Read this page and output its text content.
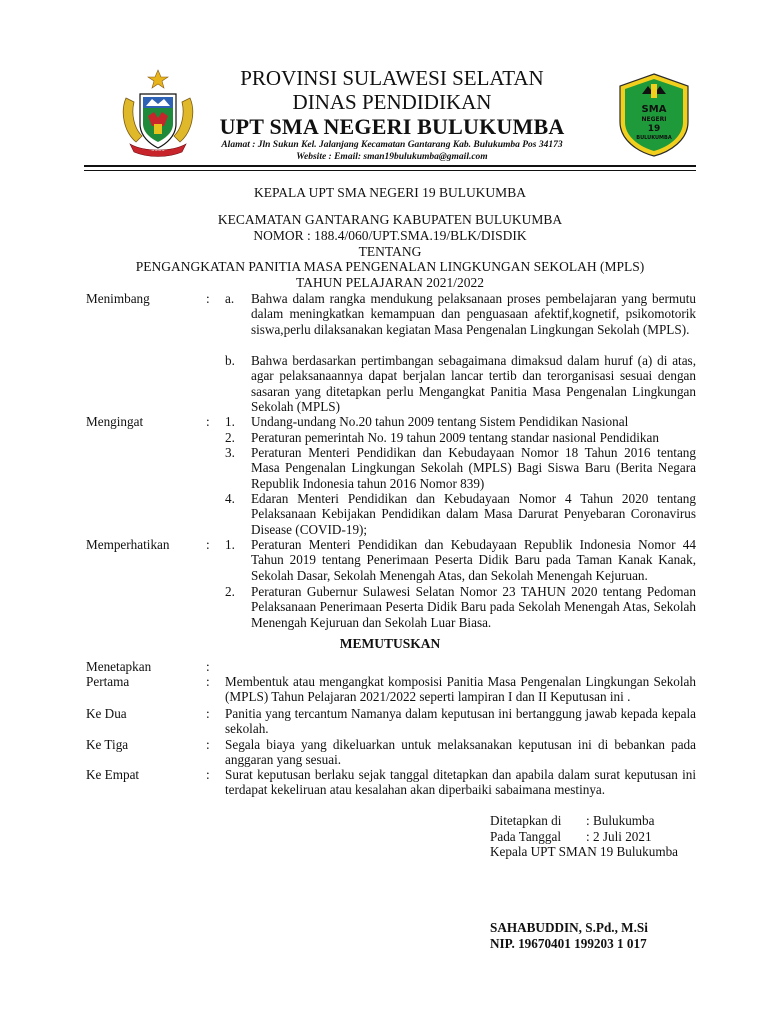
~~~~
PROVINSI SULAWESI SELATAN
DINAS PENDIDIKAN
UPT SMA NEGERI BULUKUMBA
Alamat : Jln Sukun Kel. Jalanjang Kecamatan Gantarang Kab. Bulukumba Pos 34173
Website : Email: sman19bulukumba@gmail.com
SMA
NEGERI
19
BULUKUMBA
KEPALA UPT SMA NEGERI 19 BULUKUMBA
KECAMATAN GANTARANG KABUPATEN BULUKUMBA
NOMOR : 188.4/060/UPT.SMA.19/BLK/DISDIK
TENTANG
PENGANGKATAN PANITIA MASA PENGENALAN LINGKUNGAN SEKOLAH (MPLS)
TAHUN PELAJARAN 2021/2022
Menimbang	: a. Bahwa dalam rangka mendukung pelaksanaan proses pembelajaran yang bermutu dalam meningkatkan kemampuan dan penguasaan afektif,kognetif, psikomotorik siswa,perlu dilaksanakan kegiatan Masa Pengenalan Lingkungan Sekolah (MPLS).
b. Bahwa berdasarkan pertimbangan sebagaimana dimaksud dalam huruf (a) di atas, agar pelaksanaannya dapat berjalan lancar tertib dan terorganisasi sesuai dengan sasaran yang ditetapkan perlu Mengangkat Panitia Masa Pengenalan Lingkungan Sekolah (MPLS)
Mengingat	: 1. Undang-undang No.20 tahun 2009 tentang Sistem Pendidikan Nasional
2. Peraturan pemerintah No. 19 tahun 2009 tentang standar nasional Pendidikan
3. Peraturan Menteri Pendidikan dan Kebudayaan Nomor 18 Tahun 2016 tentang Masa Pengenalan Lingkungan Sekolah (MPLS) Bagi Siswa Baru (Berita Negara Republik Indonesia tahun 2016 Nomor 839)
4. Edaran Menteri Pendidikan dan Kebudayaan Nomor 4 Tahun 2020 tentang Pelaksanaan Kebijakan Pendidikan dalam Masa Darurat Penyebaran Coronavirus Disease (COVID-19);
Memperhatikan	: 1. Peraturan Menteri Pendidikan dan Kebudayaan Republik Indonesia Nomor 44 Tahun 2019 tentang Penerimaan Peserta Didik Baru pada Taman Kanak Kanak, Sekolah Dasar, Sekolah Menengah Atas, dan Sekolah Menengah Kejuruan.
2. Peraturan Gubernur Sulawesi Selatan Nomor 23 TAHUN 2020 tentang Pedoman Pelaksanaan Penerimaan Peserta Didik Baru pada Sekolah Menengah Atas, Sekolah Menengah Kejuruan dan Sekolah Luar Biasa.
MEMUTUSKAN
Menetapkan	:
Pertama	: Membentuk atau mengangkat komposisi Panitia Masa Pengenalan Lingkungan Sekolah (MPLS) Tahun Pelajaran 2021/2022 seperti lampiran I dan II Keputusan ini .
Ke Dua	: Panitia yang tercantum Namanya dalam keputusan ini bertanggung jawab kepada kepala sekolah.
Ke Tiga	: Segala biaya yang dikeluarkan untuk melaksanakan keputusan ini di bebankan pada anggaran yang sesuai.
Ke Empat	: Surat keputusan berlaku sejak tanggal ditetapkan dan apabila dalam surat keputusan ini terdapat kekeliruan atau kesalahan akan diperbaiki sabaimana mestinya.
Ditetapkan di : Bulukumba
Pada Tanggal : 2 Juli 2021
Kepala UPT SMAN 19 Bulukumba
SAHABUDDIN, S.Pd., M.Si
NIP. 19670401 199203 1 017
